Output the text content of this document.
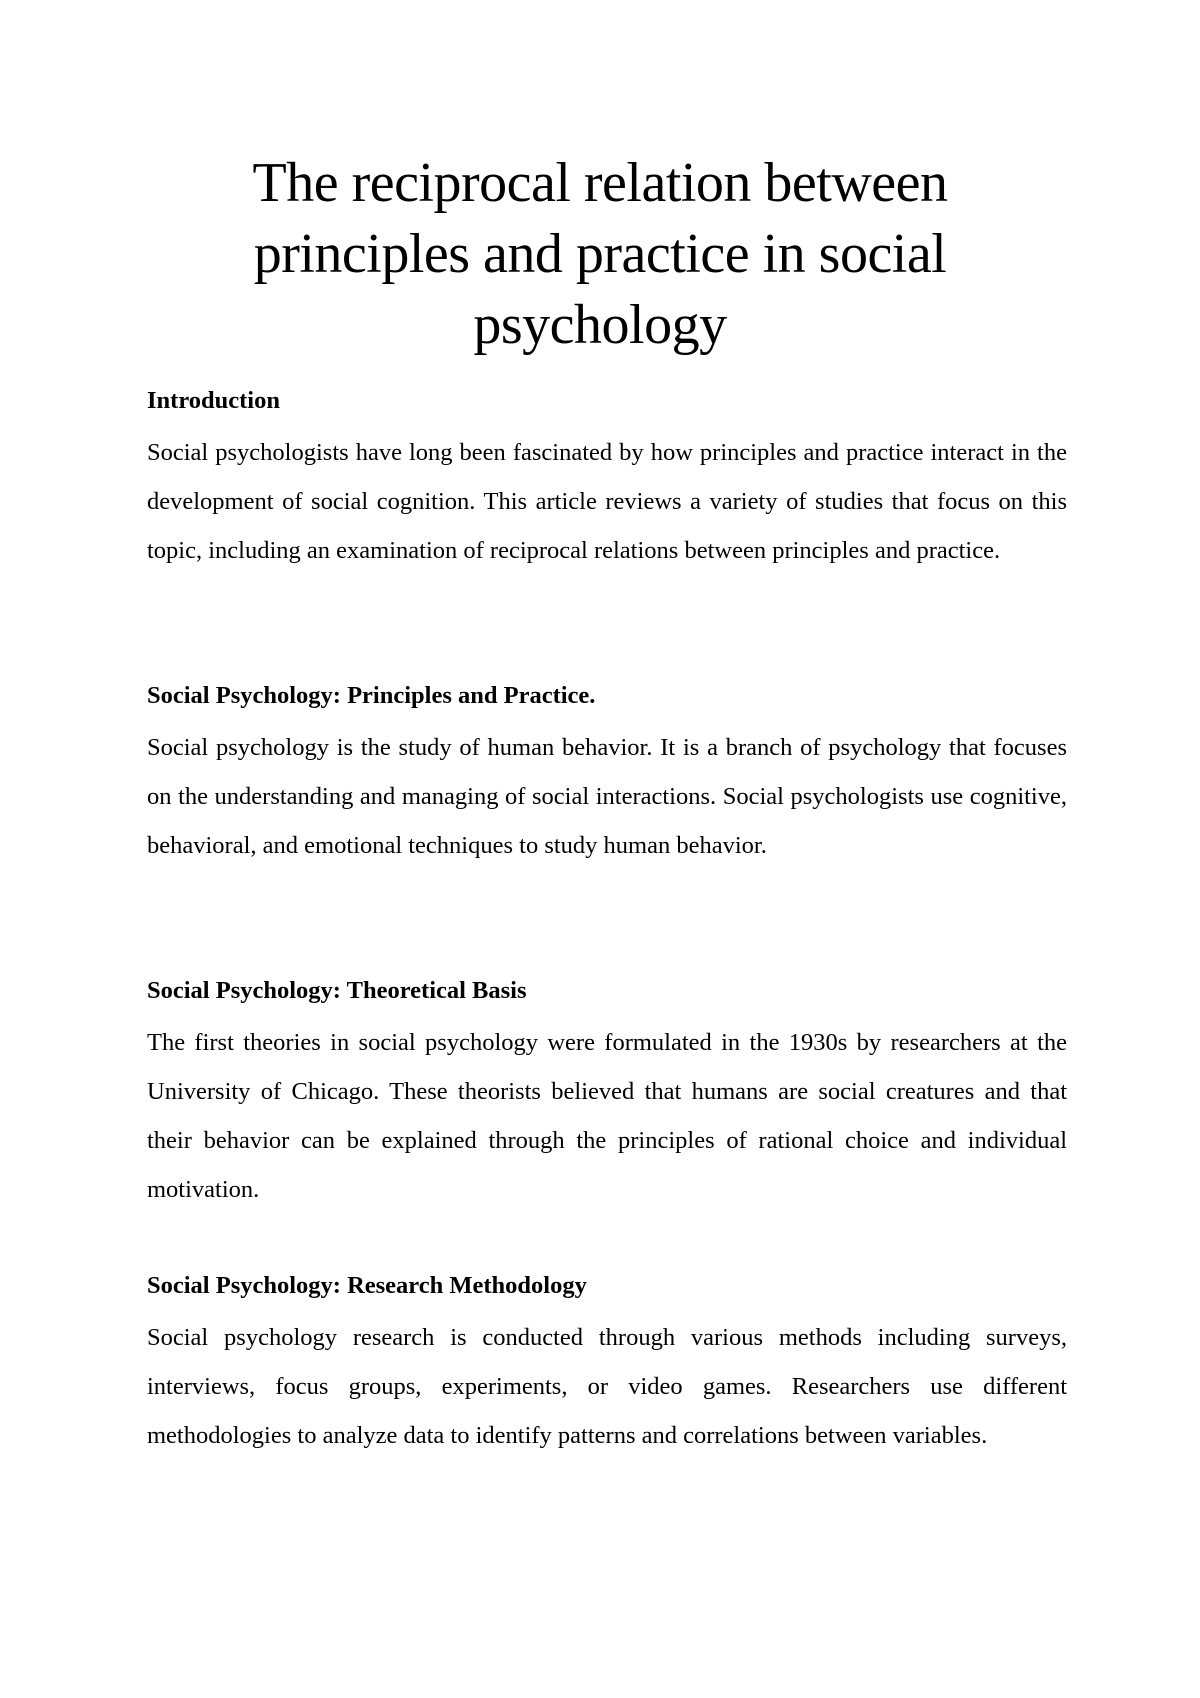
The reciprocal relation between principles and practice in social psychology

Introduction

Social psychologists have long been fascinated by how principles and practice interact in the development of social cognition. This article reviews a variety of studies that focus on this topic, including an examination of reciprocal relations between principles and practice.

Social Psychology: Principles and Practice.

Social psychology is the study of human behavior. It is a branch of psychology that focuses on the understanding and managing of social interactions. Social psychologists use cognitive, behavioral, and emotional techniques to study human behavior.

Social Psychology: Theoretical Basis

The first theories in social psychology were formulated in the 1930s by researchers at the University of Chicago. These theorists believed that humans are social creatures and that their behavior can be explained through the principles of rational choice and individual motivation.

Social Psychology: Research Methodology

Social psychology research is conducted through various methods including surveys, interviews, focus groups, experiments, or video games. Researchers use different methodologies to analyze data to identify patterns and correlations between variables.
